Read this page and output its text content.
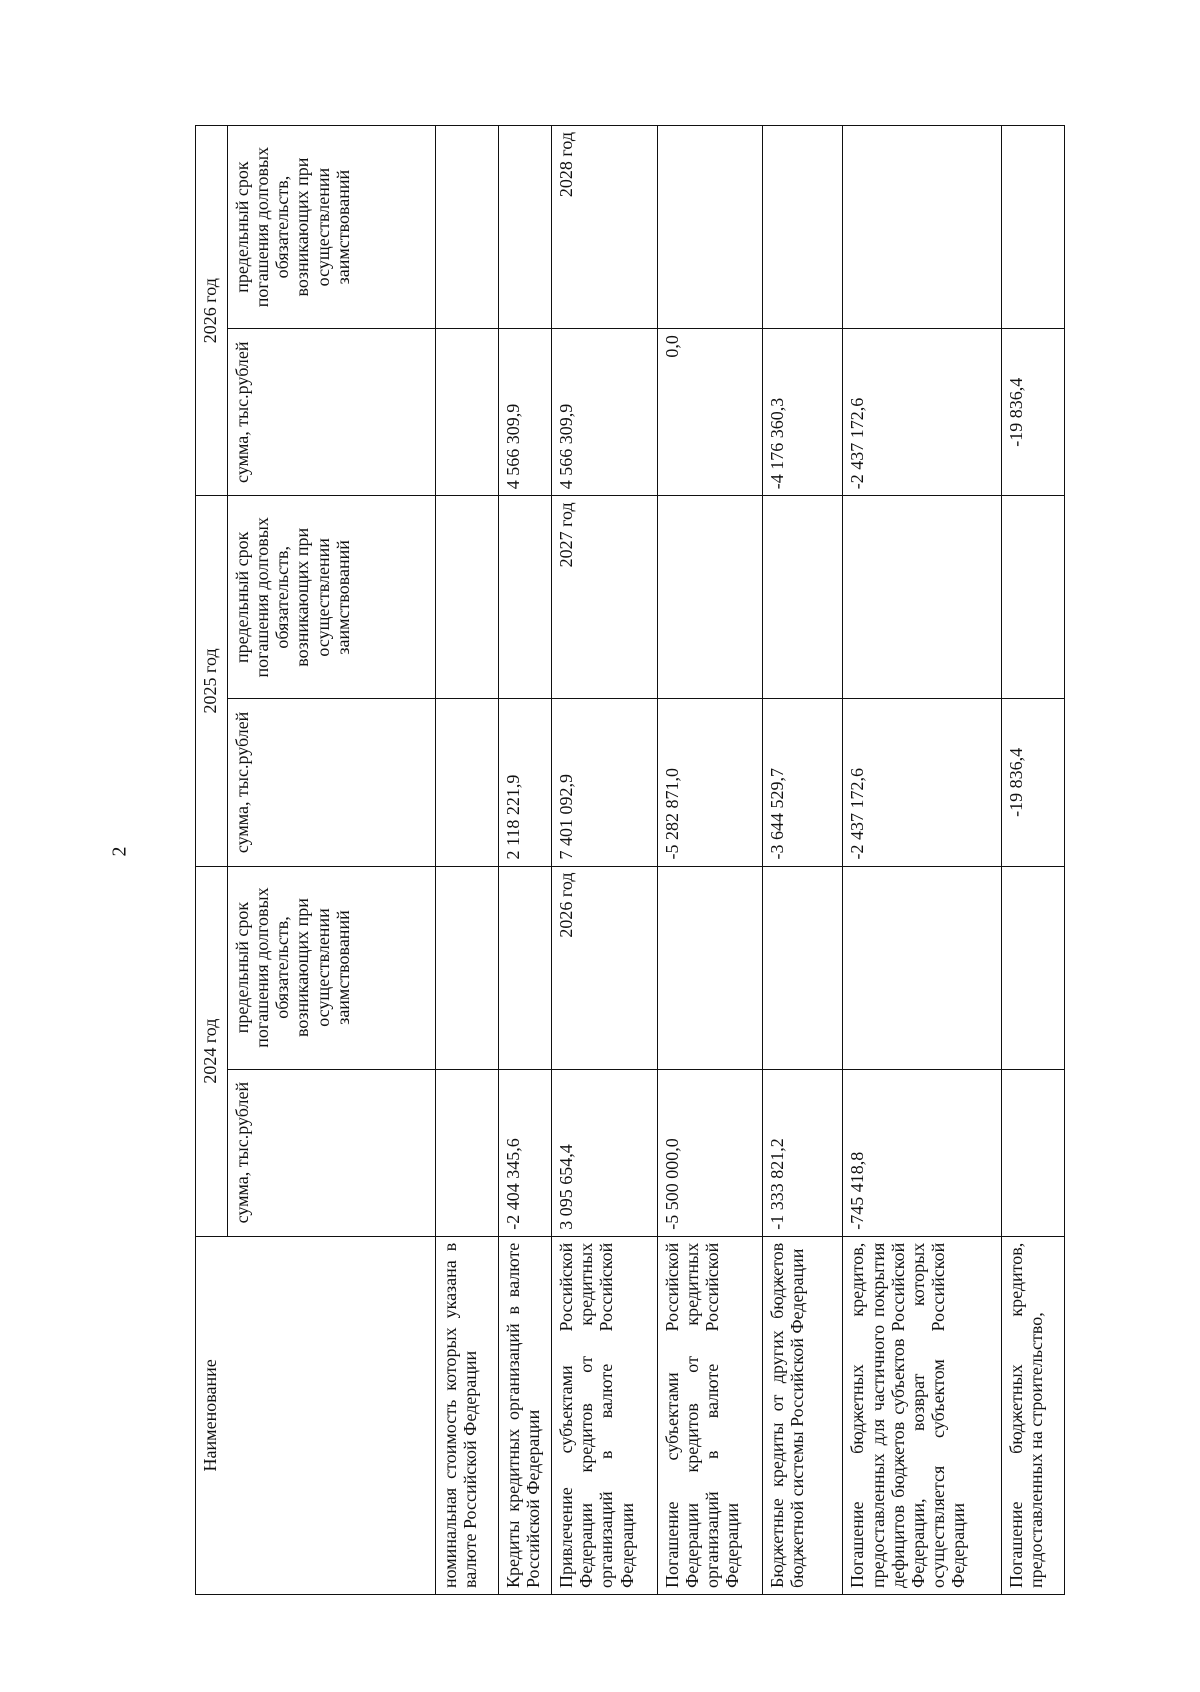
2
Наименование	2024 год		2025 год		2026 год	
	сумма, тыс.рублей	предельный срок погашения долговых обязательств, возникающих при осуществлении заимствований	сумма, тыс.рублей	предельный срок погашения долговых обязательств, возникающих при осуществлении заимствований	сумма, тыс.рублей	предельный срок погашения долговых обязательств, возникающих при осуществлении заимствований
номинальная стоимость которых указана в валюте Российской Федерации						
Кредиты кредитных организаций в валюте Российской Федерации	-2 404 345,6		2 118 221,9		4 566 309,9	
Привлечение субъектами Российской Федерации кредитов от кредитных организаций в валюте Российской Федерации	3 095 654,4	2026 год	7 401 092,9	2027 год	4 566 309,9	2028 год
Погашение субъектами Российской Федерации кредитов от кредитных организаций в валюте Российской Федерации	-5 500 000,0		-5 282 871,0		0,0	
Бюджетные кредиты от других бюджетов бюджетной системы Российской Федерации	-1 333 821,2		-3 644 529,7		-4 176 360,3	
Погашение бюджетных кредитов, предоставленных для частичного покрытия дефицитов бюджетов субъектов Российской Федерации, возврат которых осуществляется субъектом Российской Федерации	-745 418,8		-2 437 172,6		-2 437 172,6	
Погашение бюджетных кредитов, предоставленных на строительство,			-19 836,4		-19 836,4	
